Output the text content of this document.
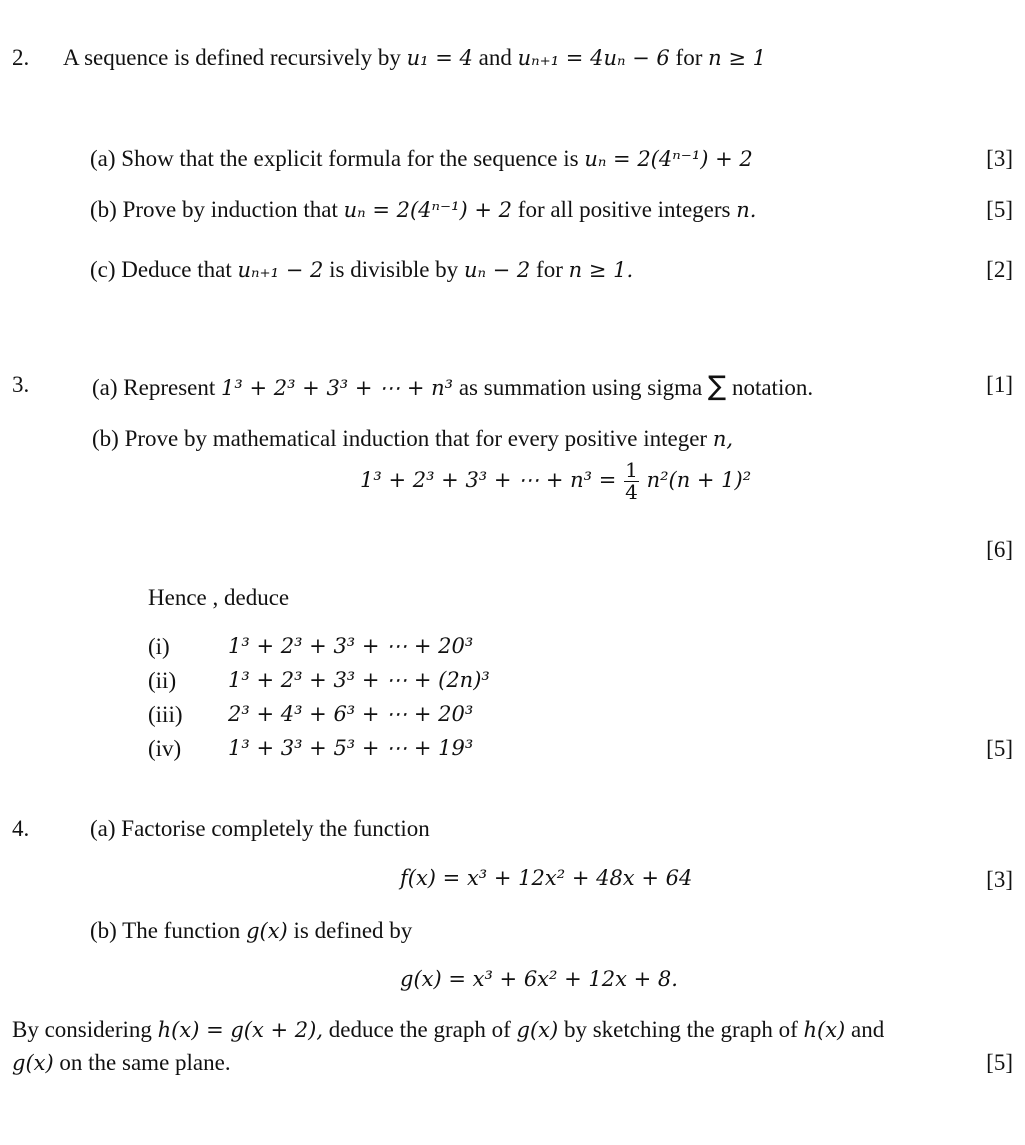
2. A sequence is defined recursively by u₁ = 4 and uₙ₊₁ = 4uₙ − 6 for n ≥ 1
(a) Show that the explicit formula for the sequence is uₙ = 2(4ⁿ⁻¹) + 2	[3]
(b) Prove by induction that uₙ = 2(4ⁿ⁻¹) + 2 for all positive integers n.	[5]
(c) Deduce that uₙ₊₁ − 2 is divisible by uₙ − 2 for n ≥ 1.	[2]
3.	(a) Represent 1³ + 2³ + 3³ + ⋯ + n³ as summation using sigma ∑ notation.	[1]
(b) Prove by mathematical induction that for every positive integer n,
1³ + 2³ + 3³ + ⋯ + $n^3 = \frac{1}{4} n^2(n + 1)^2$
[6]
Hence , deduce
(i)	1³ + 2³ + 3³ + ⋯ + 20³
(ii) 1³ + 2³ + 3³ + ⋯ + (2n)³
(iii) 2³ + 4³ + 6³ + ⋯ + 20³
(iv) 1³ + 3³ + 5³ + ⋯ + 19³	[5]
4.	(a) Factorise completely the function
f(x) = x³ + 12x² + 48x + 64	[3]
(b) The function g(x) is defined by
g(x) = x³ + 6x² + 12x + 8.
By considering h(x) = g(x + 2), deduce the graph of g(x) by sketching the graph of h(x) and
g(x) on the same plane.	[5]
